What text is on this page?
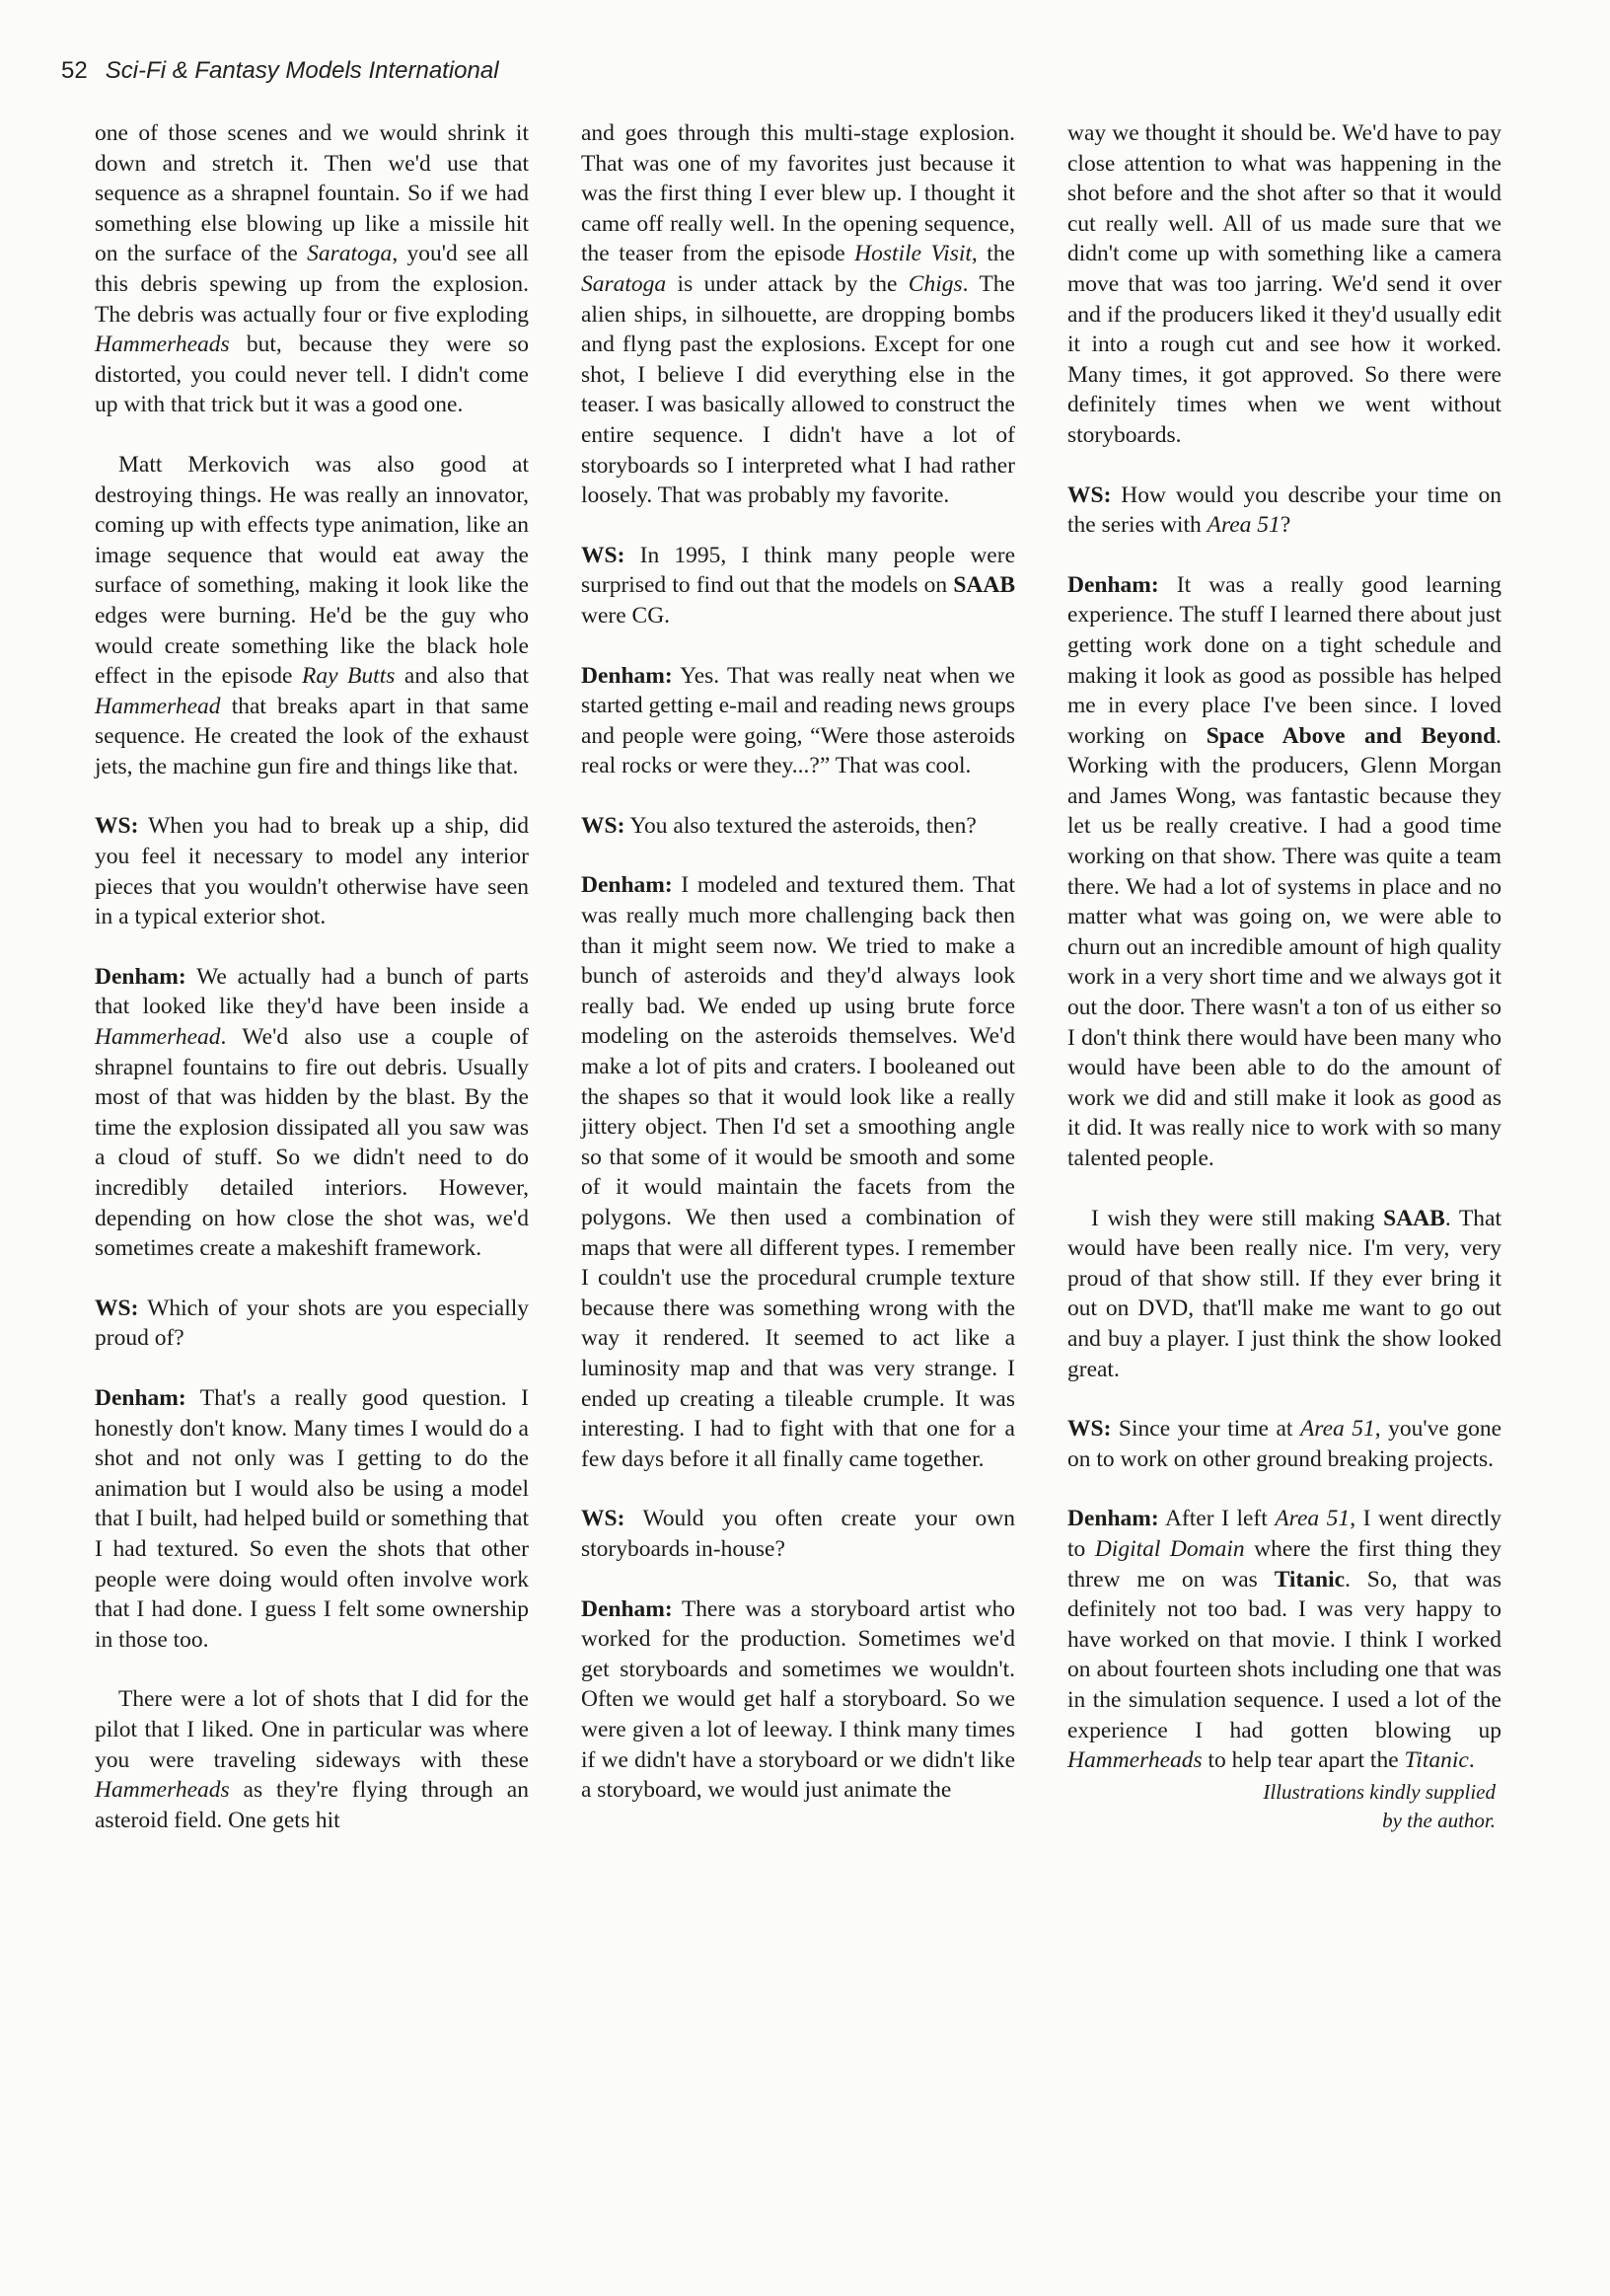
52 Sci-Fi & Fantasy Models International

one of those scenes and we would shrink it down and stretch it. Then we'd use that sequence as a shrapnel fountain. So if we had something else blowing up like a missile hit on the surface of the Saratoga, you'd see all this debris spewing up from the explosion. The debris was actually four or five exploding Hammerheads but, because they were so distorted, you could never tell. I didn't come up with that trick but it was a good one.

Matt Merkovich was also good at destroying things. He was really an innovator, coming up with effects type animation, like an image sequence that would eat away the surface of something, making it look like the edges were burning. He'd be the guy who would create something like the black hole effect in the episode Ray Butts and also that Hammerhead that breaks apart in that same sequence. He created the look of the exhaust jets, the machine gun fire and things like that.

WS: When you had to break up a ship, did you feel it necessary to model any interior pieces that you wouldn't otherwise have seen in a typical exterior shot.

Denham: We actually had a bunch of parts that looked like they'd have been inside a Hammerhead. We'd also use a couple of shrapnel fountains to fire out debris. Usually most of that was hidden by the blast. By the time the explosion dissipated all you saw was a cloud of stuff. So we didn't need to do incredibly detailed interiors. However, depending on how close the shot was, we'd sometimes create a makeshift framework.

WS: Which of your shots are you especially proud of?

Denham: That's a really good question. I honestly don't know. Many times I would do a shot and not only was I getting to do the animation but I would also be using a model that I built, had helped build or something that I had textured. So even the shots that other people were doing would often involve work that I had done. I guess I felt some ownership in those too.

There were a lot of shots that I did for the pilot that I liked. One in particular was where you were traveling sideways with these Hammerheads as they're flying through an asteroid field. One gets hit

and goes through this multi-stage explosion. That was one of my favorites just because it was the first thing I ever blew up. I thought it came off really well. In the opening sequence, the teaser from the episode Hostile Visit, the Saratoga is under attack by the Chigs. The alien ships, in silhouette, are dropping bombs and flyng past the explosions. Except for one shot, I believe I did everything else in the teaser. I was basically allowed to construct the entire sequence. I didn't have a lot of storyboards so I interpreted what I had rather loosely. That was probably my favorite.

WS: In 1995, I think many people were surprised to find out that the models on SAAB were CG.

Denham: Yes. That was really neat when we started getting e-mail and reading news groups and people were going, “Were those asteroids real rocks or were they...?” That was cool.

WS: You also textured the asteroids, then?

Denham: I modeled and textured them. That was really much more challenging back then than it might seem now. We tried to make a bunch of asteroids and they'd always look really bad. We ended up using brute force modeling on the asteroids themselves. We'd make a lot of pits and craters. I booleaned out the shapes so that it would look like a really jittery object. Then I'd set a smoothing angle so that some of it would be smooth and some of it would maintain the facets from the polygons. We then used a combination of maps that were all different types. I remember I couldn't use the procedural crumple texture because there was something wrong with the way it rendered. It seemed to act like a luminosity map and that was very strange. I ended up creating a tileable crumple. It was interesting. I had to fight with that one for a few days before it all finally came together.

WS: Would you often create your own storyboards in-house?

Denham: There was a storyboard artist who worked for the production. Sometimes we'd get storyboards and sometimes we wouldn't. Often we would get half a storyboard. So we were given a lot of leeway. I think many times if we didn't have a storyboard or we didn't like a storyboard, we would just animate the

way we thought it should be. We'd have to pay close attention to what was happening in the shot before and the shot after so that it would cut really well. All of us made sure that we didn't come up with something like a camera move that was too jarring. We'd send it over and if the producers liked it they'd usually edit it into a rough cut and see how it worked. Many times, it got approved. So there were definitely times when we went without storyboards.

WS: How would you describe your time on the series with Area 51?

Denham: It was a really good learning experience. The stuff I learned there about just getting work done on a tight schedule and making it look as good as possible has helped me in every place I've been since. I loved working on Space Above and Beyond. Working with the producers, Glenn Morgan and James Wong, was fantastic because they let us be really creative. I had a good time working on that show. There was quite a team there. We had a lot of systems in place and no matter what was going on, we were able to churn out an incredible amount of high quality work in a very short time and we always got it out the door. There wasn't a ton of us either so I don't think there would have been many who would have been able to do the amount of work we did and still make it look as good as it did. It was really nice to work with so many talented people.

I wish they were still making SAAB. That would have been really nice. I'm very, very proud of that show still. If they ever bring it out on DVD, that'll make me want to go out and buy a player. I just think the show looked great.

WS: Since your time at Area 51, you've gone on to work on other ground breaking projects.

Denham: After I left Area 51, I went directly to Digital Domain where the first thing they threw me on was Titanic. So, that was definitely not too bad. I was very happy to have worked on that movie. I think I worked on about fourteen shots including one that was in the simulation sequence. I used a lot of the experience I had gotten blowing up Hammerheads to help tear apart the Titanic.

Illustrations kindly supplied
by the author.
